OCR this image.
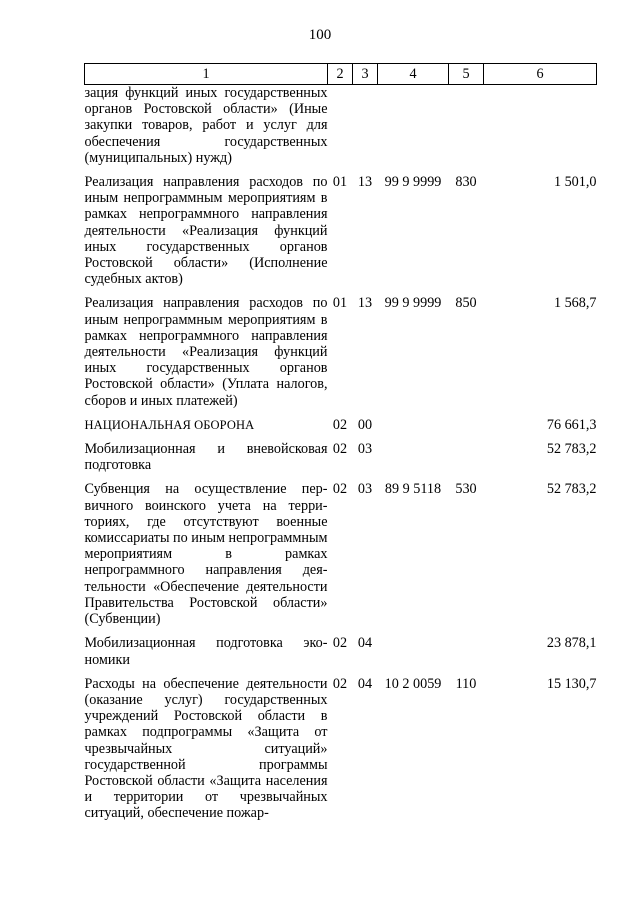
100
1	2	3	4	5	6
зация функций иных государственных органов Ростовской области» (Иные закупки товаров, работ и услуг для обеспечения государственных (муниципальных) нужд)					

Реализация направления расходов по иным непрограммным мероприятиям в рамках непрограммного направления деятельности «Реализация функций иных государственных органов Ростовской области» (Исполнение судебных актов)	01	13	99 9 9999	830	1 501,0

Реализация направления расходов по иным непрограммным мероприятиям в рамках непрограммного направления деятельности «Реализация функций иных государственных органов Ростовской области» (Уплата налогов, сборов и иных платежей)	01	13	99 9 9999	850	1 568,7

НАЦИОНАЛЬНАЯ ОБОРОНА	02	00			76 661,3

Мобилизационная и вневойсковая подготовка	02	03			52 783,2

Субвенция на осуществление первичного воинского учета на территориях, где отсутствуют военные комиссариаты по иным непрограммным мероприятиям в рамках непрограммного направления деятельности «Обеспечение деятельности Правительства Ростовской области» (Субвенции)	02	03	89 9 5118	530	52 783,2

Мобилизационная подготовка экономики	02	04			23 878,1

Расходы на обеспечение деятельности (оказание услуг) государственных учреждений Ростовской области в рамках подпрограммы «Защита от чрезвычайных ситуаций» государственной программы Ростовской области «Защита населения и территории от чрезвычайных ситуаций, обеспечение пожар-	02	04	10 2 0059	110	15 130,7
